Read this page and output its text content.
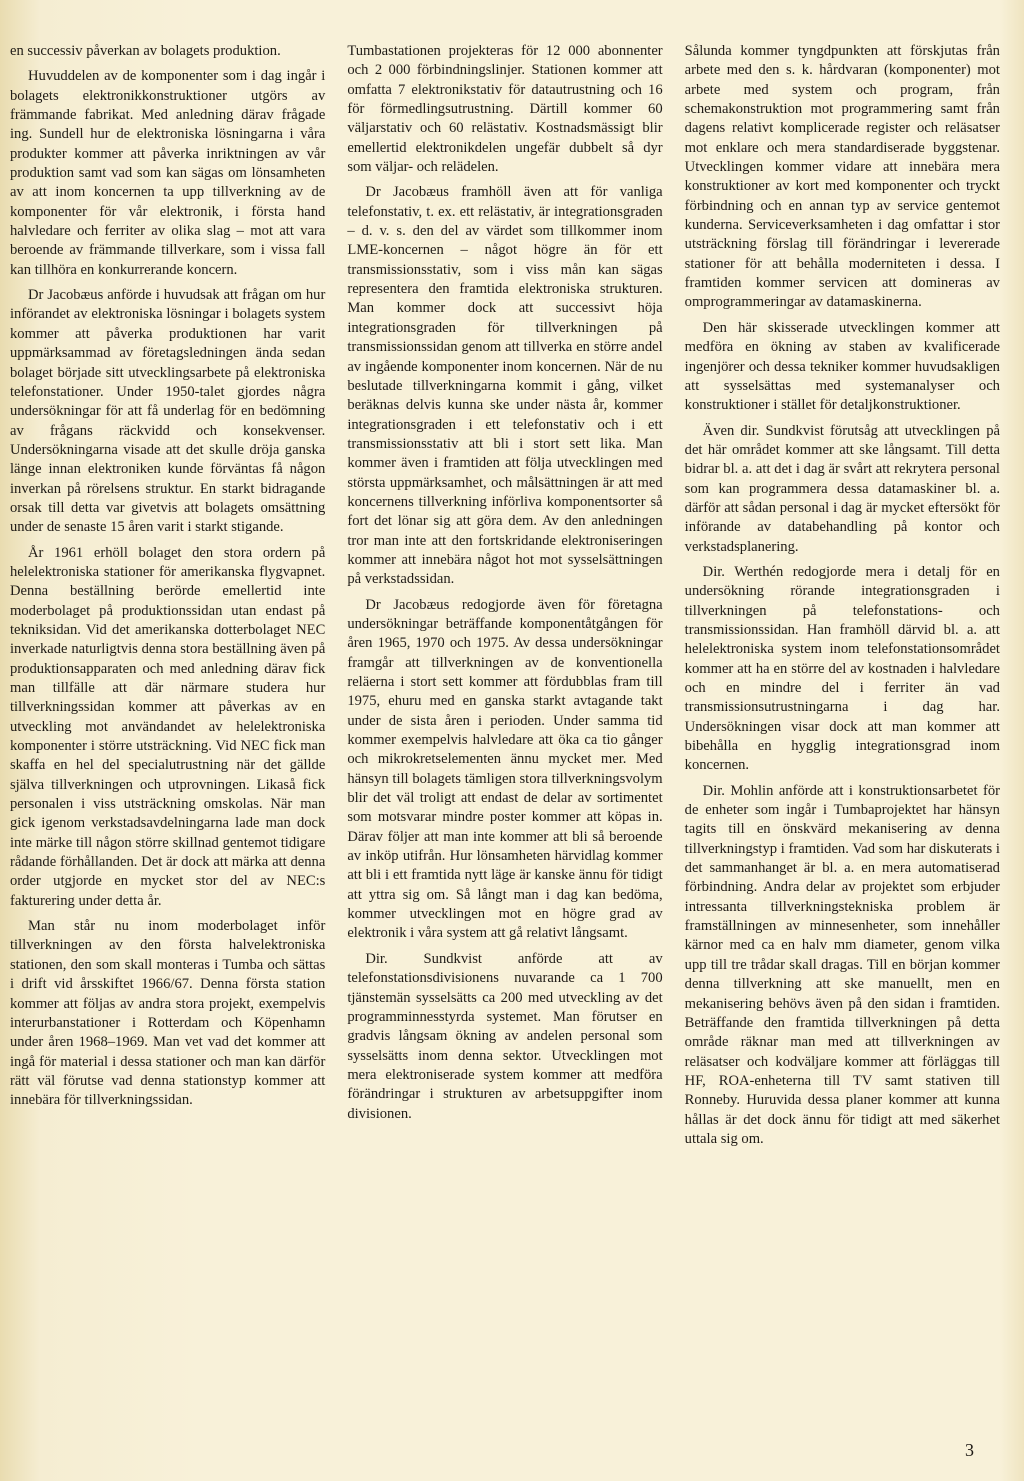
en successiv påverkan av bolagets produktion.

Huvuddelen av de komponenter som i dag ingår i bolagets elektronikkonstruktioner utgörs av främmande fabrikat. Med anledning därav frågade ing. Sundell hur de elektroniska lösningarna i våra produkter kommer att påverka inriktningen av vår produktion samt vad som kan sägas om lönsamheten av att inom koncernen ta upp tillverkning av de komponenter för vår elektronik, i första hand halvledare och ferriter av olika slag – mot att vara beroende av främmande tillverkare, som i vissa fall kan tillhöra en konkurrerande koncern.

Dr Jacobæus anförde i huvudsak att frågan om hur införandet av elektroniska lösningar i bolagets system kommer att påverka produktionen har varit uppmärksammad av företagsledningen ända sedan bolaget började sitt utvecklingsarbete på elektroniska telefonstationer. Under 1950-talet gjordes några undersökningar för att få underlag för en bedömning av frågans räckvidd och konsekvenser. Undersökningarna visade att det skulle dröja ganska länge innan elektroniken kunde förväntas få någon inverkan på rörelsens struktur. En starkt bidragande orsak till detta var givetvis att bolagets omsättning under de senaste 15 åren varit i starkt stigande.

År 1961 erhöll bolaget den stora ordern på helelektroniska stationer för amerikanska flygvapnet. Denna beställning berörde emellertid inte moderbolaget på produktionssidan utan endast på tekniksidan. Vid det amerikanska dotterbolaget NEC inverkade naturligtvis denna stora beställning även på produktionsapparaten och med anledning därav fick man tillfälle att där närmare studera hur tillverkningssidan kommer att påverkas av en utveckling mot användandet av helelektroniska komponenter i större utsträckning. Vid NEC fick man skaffa en hel del specialutrustning när det gällde själva tillverkningen och utprovningen. Likaså fick personalen i viss utsträckning omskolas. När man gick igenom verkstadsavdelningarna lade man dock inte märke till någon större skillnad gentemot tidigare rådande förhållanden. Det är dock att märka att denna order utgjorde en mycket stor del av NEC:s fakturering under detta år.

Man står nu inom moderbolaget inför tillverkningen av den första halvelektroniska stationen, den som skall monteras i Tumba och sättas i drift vid årsskiftet 1966/67. Denna första station kommer att följas av andra stora projekt, exempelvis interurbanstationer i Rotterdam och Köpenhamn under åren 1968–1969. Man vet vad det kommer att ingå för material i dessa stationer och man kan därför rätt väl förutse vad denna stationstyp kommer att innebära för tillverkningssidan.

Tumbastationen projekteras för 12 000 abonnenter och 2 000 förbindningslinjer. Stationen kommer att omfatta 7 elektronikstativ för datautrustning och 16 för förmedlingsutrustning. Därtill kommer 60 väljarstativ och 60 relästativ. Kostnadsmässigt blir emellertid elektronikdelen ungefär dubbelt så dyr som väljar- och relädelen.

Dr Jacobæus framhöll även att för vanliga telefonstativ, t. ex. ett relästativ, är integrationsgraden – d. v. s. den del av värdet som tillkommer inom LME-koncernen – något högre än för ett transmissionsstativ, som i viss mån kan sägas representera den framtida elektroniska strukturen. Man kommer dock att successivt höja integrationsgraden för tillverkningen på transmissionssidan genom att tillverka en större andel av ingående komponenter inom koncernen. När de nu beslutade tillverkningarna kommit i gång, vilket beräknas delvis kunna ske under nästa år, kommer integrationsgraden i ett telefonstativ och i ett transmissionsstativ att bli i stort sett lika. Man kommer även i framtiden att följa utvecklingen med största uppmärksamhet, och målsättningen är att med koncernens tillverkning införliva komponentsorter så fort det lönar sig att göra dem. Av den anledningen tror man inte att den fortskridande elektroniseringen kommer att innebära något hot mot sysselsättningen på verkstadssidan.

Dr Jacobæus redogjorde även för företagna undersökningar beträffande komponentåtgången för åren 1965, 1970 och 1975. Av dessa undersökningar framgår att tillverkningen av de konventionella reläerna i stort sett kommer att fördubblas fram till 1975, ehuru med en ganska starkt avtagande takt under de sista åren i perioden. Under samma tid kommer exempelvis halvledare att öka ca tio gånger och mikrokretselementen ännu mycket mer. Med hänsyn till bolagets tämligen stora tillverkningsvolym blir det väl troligt att endast de delar av sortimentet som motsvarar mindre poster kommer att köpas in. Därav följer att man inte kommer att bli så beroende av inköp utifrån. Hur lönsamheten härvidlag kommer att bli i ett framtida nytt läge är kanske ännu för tidigt att yttra sig om. Så långt man i dag kan bedöma, kommer utvecklingen mot en högre grad av elektronik i våra system att gå relativt långsamt.

Dir. Sundkvist anförde att av telefonstationsdivisionens nuvarande ca 1 700 tjänstemän sysselsätts ca 200 med utveckling av det programminnesstyrda systemet. Man förutser en gradvis långsam ökning av andelen personal som sysselsätts inom denna sektor. Utvecklingen mot mera elektroniserade system kommer att medföra förändringar i strukturen av arbetsuppgifter inom divisionen.

Sålunda kommer tyngdpunkten att förskjutas från arbete med den s. k. hårdvaran (komponenter) mot arbete med system och program, från schemakonstruktion mot programmering samt från dagens relativt komplicerade register och reläsatser mot enklare och mera standardiserade byggstenar. Utvecklingen kommer vidare att innebära mera konstruktioner av kort med komponenter och tryckt förbindning och en annan typ av service gentemot kunderna. Serviceverksamheten i dag omfattar i stor utsträckning förslag till förändringar i levererade stationer för att behålla moderniteten i dessa. I framtiden kommer servicen att domineras av omprogrammeringar av datamaskinerna.

Den här skisserade utvecklingen kommer att medföra en ökning av staben av kvalificerade ingenjörer och dessa tekniker kommer huvudsakligen att sysselsättas med systemanalyser och konstruktioner i stället för detaljkonstruktioner.

Även dir. Sundkvist förutsåg att utvecklingen på det här området kommer att ske långsamt. Till detta bidrar bl. a. att det i dag är svårt att rekrytera personal som kan programmera dessa datamaskiner bl. a. därför att sådan personal i dag är mycket eftersökt för införande av databehandling på kontor och verkstadsplanering.

Dir. Werthén redogjorde mera i detalj för en undersökning rörande integrationsgraden i tillverkningen på telefonstations- och transmissionssidan. Han framhöll därvid bl. a. att helelektroniska system inom telefonstationsområdet kommer att ha en större del av kostnaden i halvledare och en mindre del i ferriter än vad transmissionsutrustningarna i dag har. Undersökningen visar dock att man kommer att bibehålla en hygglig integrationsgrad inom koncernen.

Dir. Mohlin anförde att i konstruktionsarbetet för de enheter som ingår i Tumbaprojektet har hänsyn tagits till en önskvärd mekanisering av denna tillverkningstyp i framtiden. Vad som har diskuterats i det sammanhanget är bl. a. en mera automatiserad förbindning. Andra delar av projektet som erbjuder intressanta tillverkningstekniska problem är framställningen av minnesenheter, som innehåller kärnor med ca en halv mm diameter, genom vilka upp till tre trådar skall dragas. Till en början kommer denna tillverkning att ske manuellt, men en mekanisering behövs även på den sidan i framtiden. Beträffande den framtida tillverkningen på detta område räknar man med att tillverkningen av reläsatser och kodväljare kommer att förläggas till HF, ROA-enheterna till TV samt stativen till Ronneby. Huruvida dessa planer kommer att kunna hållas är det dock ännu för tidigt att med säkerhet uttala sig om.

3
